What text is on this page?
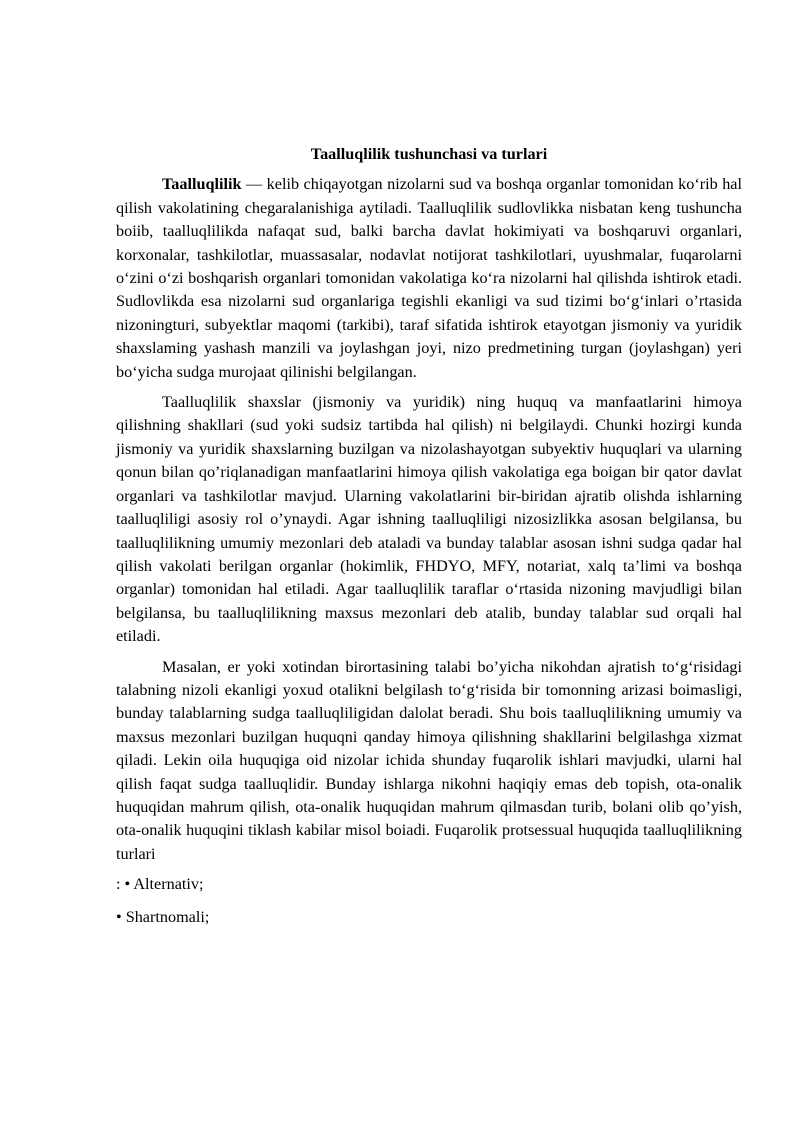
Taalluqlilik tushunchasi va turlari

Taalluqlilik — kelib chiqayotgan nizolarni sud va boshqa organlar tomonidan ko‘rib hal qilish vakolatining chegaralanishiga aytiladi. Taalluqlilik sudlovlikka nisbatan keng tushuncha boiib, taalluqlilikda nafaqat sud, balki barcha davlat hokimiyati va boshqaruvi organlari, korxonalar, tashkilotlar, muassasalar, nodavlat notijorat tashkilotlari, uyushmalar, fuqarolarni o‘zini o‘zi boshqarish organlari tomonidan vakolatiga ko‘ra nizolarni hal qilishda ishtirok etadi. Sudlovlikda esa nizolarni sud organlariga tegishli ekanligi va sud tizimi bo‘g‘inlari o’rtasida nizoningturi, subyektlar maqomi (tarkibi), taraf sifatida ishtirok etayotgan jismoniy va yuridik shaxslaming yashash manzili va joylashgan joyi, nizo predmetining turgan (joylashgan) yeri bo‘yicha sudga murojaat qilinishi belgilangan.

Taalluqlilik shaxslar (jismoniy va yuridik) ning huquq va manfaatlarini himoya qilishning shakllari (sud yoki sudsiz tartibda hal qilish) ni belgilaydi. Chunki hozirgi kunda jismoniy va yuridik shaxslarning buzilgan va nizolashayotgan subyektiv huquqlari va ularning qonun bilan qo’riqlanadigan manfaatlarini himoya qilish vakolatiga ega boigan bir qator davlat organlari va tashkilotlar mavjud. Ularning vakolatlarini bir-biridan ajratib olishda ishlarning taalluqliligi asosiy rol o’ynaydi. Agar ishning taalluqliligi nizosizlikka asosan belgilansa, bu taalluqlilikning umumiy mezonlari deb ataladi va bunday talablar asosan ishni sudga qadar hal qilish vakolati berilgan organlar (hokimlik, FHDYO, MFY, notariat, xalq ta’limi va boshqa organlar) tomonidan hal etiladi. Agar taalluqlilik taraflar o‘rtasida nizoning mavjudligi bilan belgilansa, bu taalluqlilikning maxsus mezonlari deb atalib, bunday talablar sud orqali hal etiladi.

Masalan, er yoki xotindan birortasining talabi bo’yicha nikohdan ajratish to‘g‘risidagi talabning nizoli ekanligi yoxud otalikni belgilash to‘g‘risida bir tomonning arizasi boimasligi, bunday talablarning sudga taalluqliligidan dalolat beradi. Shu bois taalluqlilikning umumiy va maxsus mezonlari buzilgan huquqni qanday himoya qilishning shakllarini belgilashga xizmat qiladi. Lekin oila huquqiga oid nizolar ichida shunday fuqarolik ishlari mavjudki, ularni hal qilish faqat sudga taalluqlidir. Bunday ishlarga nikohni haqiqiy emas deb topish, ota-onalik huquqidan mahrum qilish, ota-onalik huquqidan mahrum qilmasdan turib, bolani olib qo’yish, ota-onalik huquqini tiklash kabilar misol boiadi. Fuqarolik protsessual huquqida taalluqlilikning turlari

: • Alternativ;

• Shartnomali;
